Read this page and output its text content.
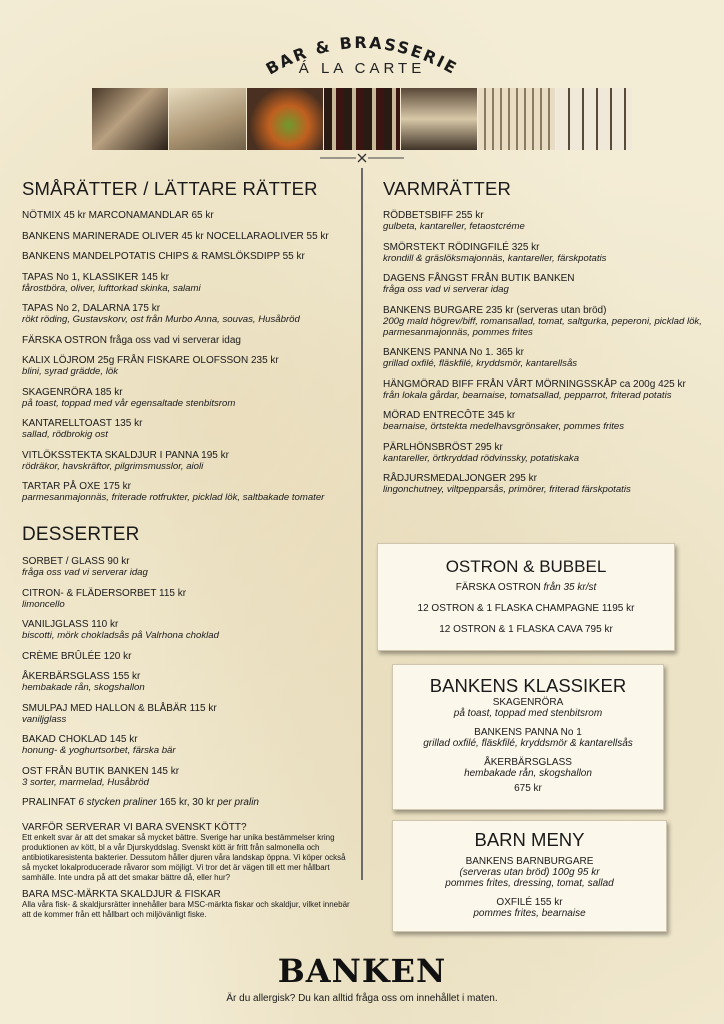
BAR & BRASSERIE
Á LA CARTE
SMÅRÄTTER / LÄTTARE RÄTTER
NÖTMIX 45 kr MARCONAMANDLAR 65 kr
BANKENS MARINERADE OLIVER 45 kr NOCELLARAOLIVER 55 kr
BANKENS MANDELPOTATIS CHIPS & RAMSLÖKSDIPP 55 kr
TAPAS No 1, KLASSIKER 145 kr
fårostböra, oliver, lufttorkad skinka, salami
TAPAS No 2, DALARNA 175 kr
rökt röding, Gustavskorv, ost från Murbo Anna, souvas, Husåbröd
FÄRSKA OSTRON fråga oss vad vi serverar idag
KALIX LÖJROM 25g FRÅN FISKARE OLOFSSON 235 kr
blini, syrad grädde, lök
SKAGENRÖRA 185 kr
på toast, toppad med vår egensaltade stenbitsrom
KANTARELLTOAST 135 kr
sallad, rödbrokig ost
VITLÖKSSTEKTA SKALDJUR I PANNA 195 kr
rödräkor, havskräftor, pilgrimsmusslor, aioli
TARTAR PÅ OXE 175 kr
parmesanmajonnäs, friterade rotfrukter, picklad lök, saltbakade tomater
DESSERTER
SORBET / GLASS 90 kr
fråga oss vad vi serverar idag
CITRON- & FLÄDERSORBET 115 kr
limoncello
VANILJGLASS 110 kr
biscotti, mörk chokladsås på Valrhona choklad
CRÈME BRÛLÉE 120 kr
ÅKERBÄRSGLASS 155 kr
hembakade rån, skogshallon
SMULPAJ MED HALLON & BLÅBÄR 115 kr
vaniljglass
BAKAD CHOKLAD 145 kr
honung- & yoghurtsorbet, färska bär
OST FRÅN BUTIK BANKEN 145 kr
3 sorter, marmelad, Husåbröd
PRALINFAT 6 stycken praliner 165 kr, 30 kr per pralin
VARFÖR SERVERAR VI BARA SVENSKT KÖTT?
Ett enkelt svar är att det smakar så mycket bättre. Sverige har unika bestämmelser kring produktionen av kött, bl a vår Djurskyddslag. Svenskt kött är fritt från salmonella och antibiotikaresistenta bakterier. Dessutom håller djuren våra landskap öppna. Vi köper också så mycket lokalproducerade råvaror som möjligt. Vi tror det är vägen till ett mer hållbart samhälle. Inte undra på att det smakar bättre då, eller hur?
BARA MSC-MÄRKTA SKALDJUR & FISKAR
Alla våra fisk- & skaldjursrätter innehåller bara MSC-märkta fiskar och skaldjur, vilket innebär att de kommer från ett hållbart och miljövänligt fiske.
VARMRÄTTER
RÖDBETSBIFF 255 kr
gulbeta, kantareller, fetaostcréme
SMÖRSTEKT RÖDINGFILÉ 325 kr
krondill & gräslöksmajonnäs, kantareller, färskpotatis
DAGENS FÅNGST FRÅN BUTIK BANKEN
fråga oss vad vi serverar idag
BANKENS BURGARE 235 kr (serveras utan bröd)
200g mald högrev/biff, romansallad, tomat, saltgurka, peperoni, picklad lök, parmesanmajonnäs, pommes frites
BANKENS PANNA No 1. 365 kr
grillad oxfilé, fläskfilé, kryddsmör, kantarellsås
HÄNGMÖRAD BIFF FRÅN VÅRT MÖRNINGSSKÅP ca 200g 425 kr
från lokala gårdar, bearnaise, tomatsallad, pepparrot, friterad potatis
MÖRAD ENTRECÔTE 345 kr
bearnaise, örtstekta medelhavsgrönsaker, pommes frites
PÄRLHÖNSBRÖST 295 kr
kantareller, örtkryddad rödvinssky, potatiskaka
RÅDJURSMEDALJONGER 295 kr
lingonchutney, viltpepparsås, primörer, friterad färskpotatis
OSTRON & BUBBEL

FÄRSKA OSTRON från 35 kr/st

12 OSTRON & 1 FLASKA CHAMPAGNE 1195 kr

12 OSTRON & 1 FLASKA CAVA 795 kr

BANKENS KLASSIKER

SKAGENRÖRA

på toast, toppad med stenbitsrom

BANKENS PANNA No 1

grillad oxfilé, fläskfilé, kryddsmör & kantarellsås

ÅKERBÄRSGLASS

hembakade rån, skogshallon

675 kr

BARN MENY

BANKENS BARNBURGARE

(serveras utan bröd) 100g 95 kr

pommes frites, dressing, tomat, sallad

OXFILÉ 155 kr

pommes frites, bearnaise

BANKEN
Är du allergisk? Du kan alltid fråga oss om innehållet i maten.
